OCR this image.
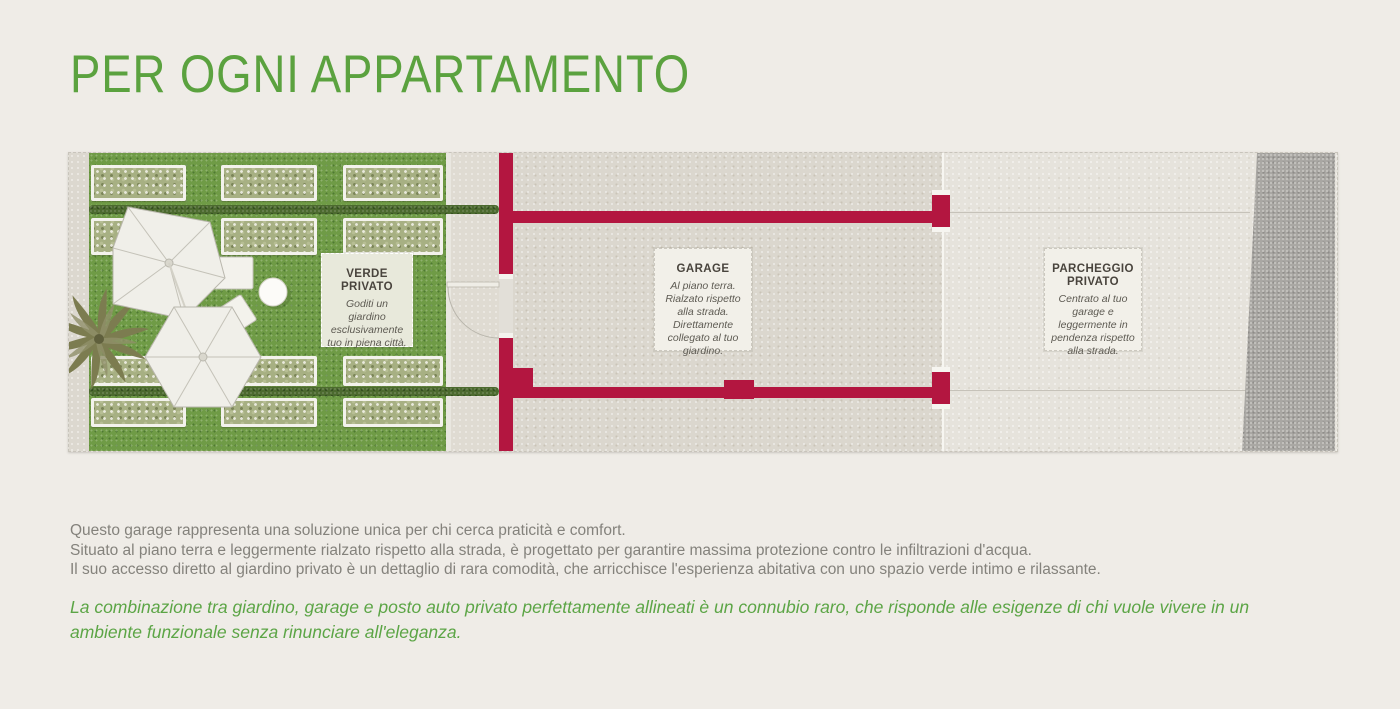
PER OGNI APPARTAMENTO
VERDE PRIVATO

Goditi un giardino esclusivamente tuo in piena città.

GARAGE

Al piano terra. Rialzato rispetto alla strada. Direttamente collegato al tuo giardino.

PARCHEGGIO PRIVATO

Centrato al tuo garage e leggermente in pendenza rispetto alla strada.

Questo garage rappresenta una soluzione unica per chi cerca praticità e comfort.
Situato al piano terra e leggermente rialzato rispetto alla strada, è progettato per garantire massima protezione contro le infiltrazioni d'acqua.
Il suo accesso diretto al giardino privato è un dettaglio di rara comodità, che arricchisce l'esperienza abitativa con uno spazio verde intimo e rilassante.

La combinazione tra giardino, garage e posto auto privato perfettamente allineati è un connubio raro, che risponde alle esigenze di chi vuole vivere in un ambiente funzionale senza rinunciare all'eleganza.
